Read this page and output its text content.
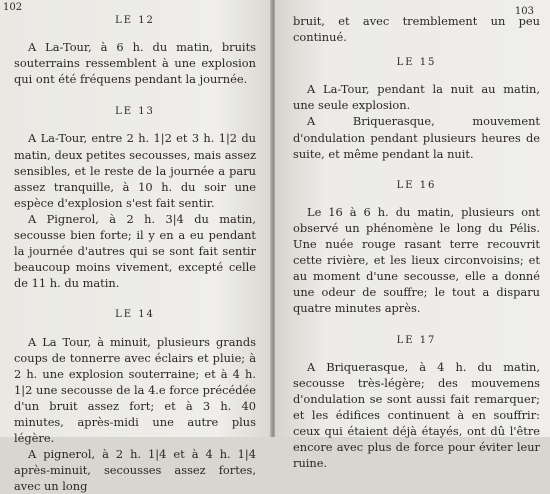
102
LE 12

A La-Tour, à 6 h. du matin, bruits souterrains ressemblent à une explosion qui ont été fréquens pendant la journée.

LE 13

A La-Tour, entre 2 h. 1|2 et 3 h. 1|2 du matin, deux petites secousses, mais assez sensibles, et le reste de la journée a paru assez tranquille, à 10 h. du soir une espèce d'explosion s'est fait sentir.

A Pignerol, à 2 h. 3|4 du matin, secousse bien forte; il y en a eu pendant la journée d'autres qui se sont fait sentir beaucoup moins vivement, excepté celle de 11 h. du matin.

LE 14

A La Tour, à minuit, plusieurs grands coups de tonnerre avec éclairs et pluie; à 2 h. une explosion souterraine; et à 4 h. 1|2 une secousse de la 4.e force précédée d'un bruit assez fort; et à 3 h. 40 minutes, après-midi une autre plus légère.

A pignerol, à 2 h. 1|4 et à 4 h. 1|4 après-minuit, secousses assez fortes, avec un long

103

bruit, et avec tremblement un peu continué.

LE 15

A La-Tour, pendant la nuit au matin, une seule explosion.

A Briquerasque, mouvement d'ondulation pendant plusieurs heures de suite, et même pendant la nuit.

LE 16

Le 16 à 6 h. du matin, plusieurs ont observé un phénomène le long du Pélis. Une nuée rouge rasant terre recouvrit cette rivière, et les lieux circonvoisins; et au moment d'une secousse, elle a donné une odeur de souffre; le tout a disparu quatre minutes après.

LE 17

A Briquerasque, à 4 h. du matin, secousse très-légère; des mouvemens d'ondulation se sont aussi fait remarquer; et les édifices continuent à en souffrir: ceux qui étaient déjà étayés, ont dû l'être encore avec plus de force pour éviter leur ruine.
